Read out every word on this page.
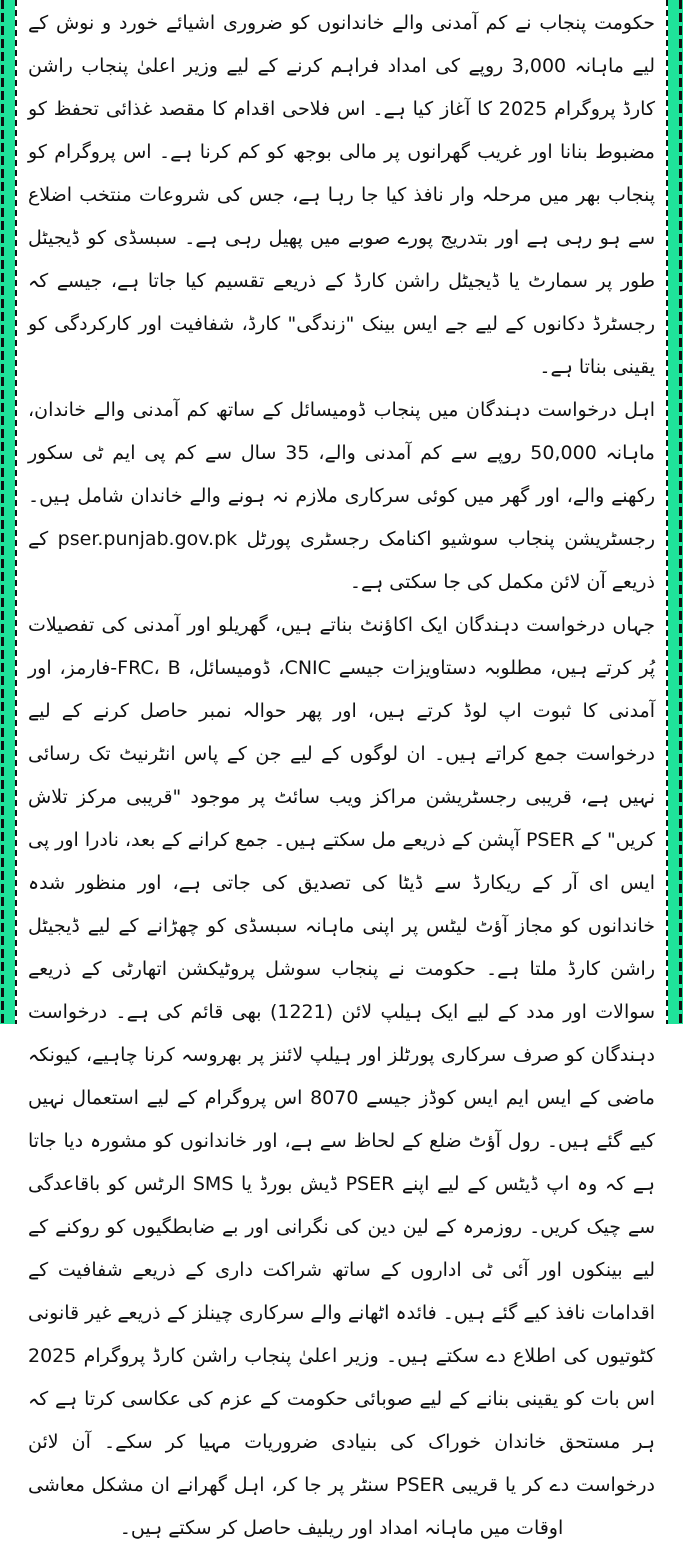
حکومت پنجاب نے کم آمدنی والے خاندانوں کو ضروری اشیائے خورد و نوش کے لیے ماہانہ 3,000 روپے کی امداد فراہم کرنے کے لیے وزیر اعلیٰ پنجاب راشن کارڈ پروگرام 2025 کا آغاز کیا ہے۔ اس فلاحی اقدام کا مقصد غذائی تحفظ کو مضبوط بنانا اور غریب گھرانوں پر مالی بوجھ کو کم کرنا ہے۔ اس پروگرام کو پنجاب بھر میں مرحلہ وار نافذ کیا جا رہا ہے، جس کی شروعات منتخب اضلاع سے ہو رہی ہے اور بتدریج پورے صوبے میں پھیل رہی ہے۔ سبسڈی کو ڈیجیٹل طور پر سمارٹ یا ڈیجیٹل راشن کارڈ کے ذریعے تقسیم کیا جاتا ہے، جیسے کہ رجسٹرڈ دکانوں کے لیے جے ایس بینک "زندگی" کارڈ، شفافیت اور کارکردگی کو یقینی بناتا ہے۔

اہل درخواست دہندگان میں پنجاب ڈومیسائل کے ساتھ کم آمدنی والے خاندان، ماہانہ 50,000 روپے سے کم آمدنی والے، 35 سال سے کم پی ایم ٹی سکور رکھنے والے، اور گھر میں کوئی سرکاری ملازم نہ ہونے والے خاندان شامل ہیں۔ رجسٹریشن پنجاب سوشیو اکنامک رجسٹری پورٹل pser.punjab.gov.pk کے ذریعے آن لائن مکمل کی جا سکتی ہے۔

جہاں درخواست دہندگان ایک اکاؤنٹ بناتے ہیں، گھریلو اور آمدنی کی تفصیلات پُر کرتے ہیں، مطلوبہ دستاویزات جیسے CNIC، ڈومیسائل، FRC، B-فارمز، اور آمدنی کا ثبوت اپ لوڈ کرتے ہیں، اور پھر حوالہ نمبر حاصل کرنے کے لیے درخواست جمع کراتے ہیں۔ ان لوگوں کے لیے جن کے پاس انٹرنیٹ تک رسائی نہیں ہے، قریبی رجسٹریشن مراکز ویب سائٹ پر موجود "قریبی مرکز تلاش کریں" کے PSER آپشن کے ذریعے مل سکتے ہیں۔ جمع کرانے کے بعد، نادرا اور پی ایس ای آر کے ریکارڈ سے ڈیٹا کی تصدیق کی جاتی ہے، اور منظور شدہ خاندانوں کو مجاز آؤٹ لیٹس پر اپنی ماہانہ سبسڈی کو چھڑانے کے لیے ڈیجیٹل راشن کارڈ ملتا ہے۔ حکومت نے پنجاب سوشل پروٹیکشن اتھارٹی کے ذریعے سوالات اور مدد کے لیے ایک ہیلپ لائن (1221) بھی قائم کی ہے۔ درخواست دہندگان کو صرف سرکاری پورٹلز اور ہیلپ لائنز پر بھروسہ کرنا چاہیے، کیونکہ ماضی کے ایس ایم ایس کوڈز جیسے 8070 اس پروگرام کے لیے استعمال نہیں کیے گئے ہیں۔ رول آؤٹ ضلع کے لحاظ سے ہے، اور خاندانوں کو مشورہ دیا جاتا ہے کہ وہ اپ ڈیٹس کے لیے اپنے PSER ڈیش بورڈ یا SMS الرٹس کو باقاعدگی سے چیک کریں۔ روزمرہ کے لین دین کی نگرانی اور بے ضابطگیوں کو روکنے کے لیے بینکوں اور آئی ٹی اداروں کے ساتھ شراکت داری کے ذریعے شفافیت کے اقدامات نافذ کیے گئے ہیں۔ فائدہ اٹھانے والے سرکاری چینلز کے ذریعے غیر قانونی کٹوتیوں کی اطلاع دے سکتے ہیں۔ وزیر اعلیٰ پنجاب راشن کارڈ پروگرام 2025 اس بات کو یقینی بنانے کے لیے صوبائی حکومت کے عزم کی عکاسی کرتا ہے کہ ہر مستحق خاندان خوراک کی بنیادی ضروریات مہیا کر سکے۔ آن لائن درخواست دے کر یا قریبی PSER سنٹر پر جا کر، اہل گھرانے ان مشکل معاشی اوقات میں ماہانہ امداد اور ریلیف حاصل کر سکتے ہیں۔
